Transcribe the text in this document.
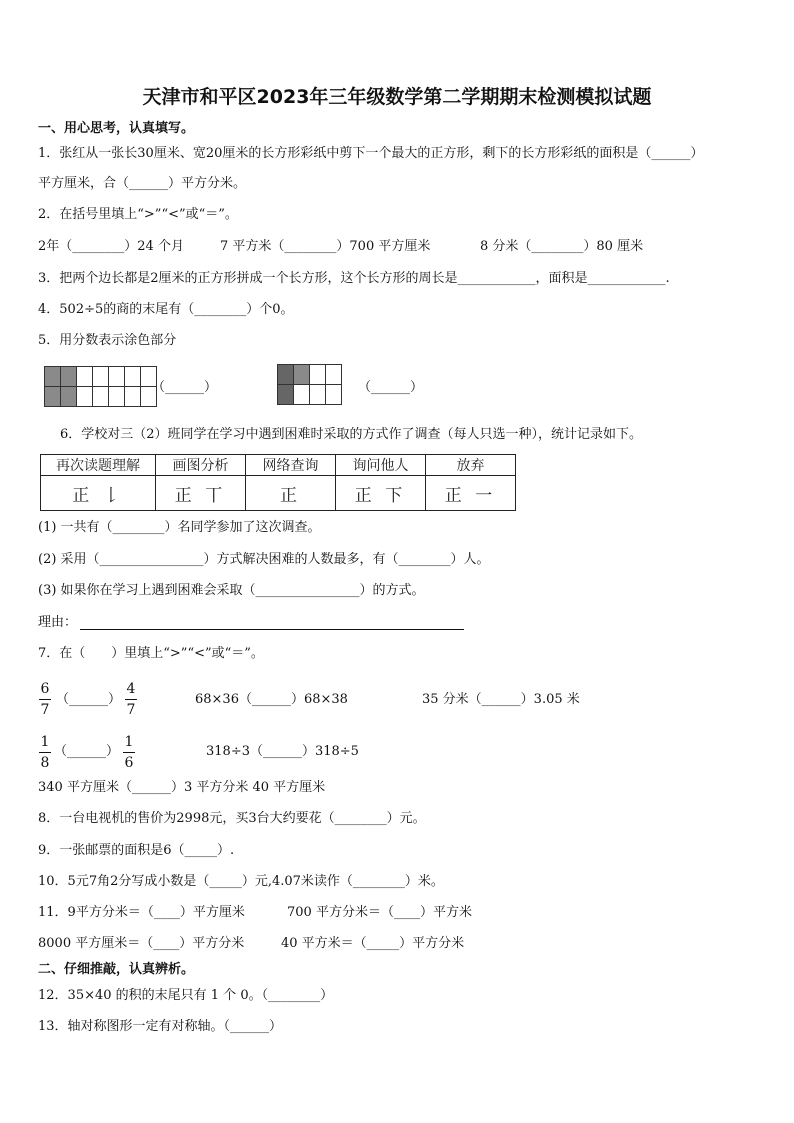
天津市和平区2023年三年级数学第二学期期末检测模拟试题
一、用心思考，认真填写。
1．张红从一张长30厘米、宽20厘米的长方形彩纸中剪下一个最大的正方形，剩下的长方形彩纸的面积是（______）
平方厘米，合（______）平方分米。
2．在括号里填上“>”“<”或“＝”。
2年（________）24 个月	7 平方米（________）700 平方厘米	8 分米（________）80 厘米
3．把两个边长都是2厘米的正方形拼成一个长方形，这个长方形的周长是____________，面积是____________.
4．502÷5的商的末尾有（________）个0。
5．用分数表示涂色部分

（______）

				（______）
6．学校对三（2）班同学在学习中遇到困难时采取的方式作了调查（每人只选一种），统计记录如下。
再次读题理解	画图分析	网络查询	询问他人	放弃
正 𠄌	正 丅	正	正 下	正 一
(1) 一共有（________）名同学参加了这次调查。
(2) 采用（________________）方式解决困难的人数最多，有（________）人。
(3) 如果你在学习上遇到困难会采取（________________）的方式。
理由：
7．在（　　）里填上“>”“<”或“＝”。
6
7
（______）
4
7
68×36（______）68×38	35 分米（______）3.05 米
1
8
（______）
1
6
318÷3（______）318÷5
340 平方厘米（______）3 平方分米 40 平方厘米
8．一台电视机的售价为2998元，买3台大约要花（________）元。
9．一张邮票的面积是6（_____）.
10．5元7角2分写成小数是（_____）元,4.07米读作（________）米。
11．9平方分米＝（____）平方厘米	700 平方分米＝（____）平方米
8000 平方厘米＝（____）平方分米	40 平方米＝（_____）平方分米
二、仔细推敲，认真辨析。
12．35×40 的积的末尾只有 1 个 0。（________）
13．轴对称图形一定有对称轴。（______）
